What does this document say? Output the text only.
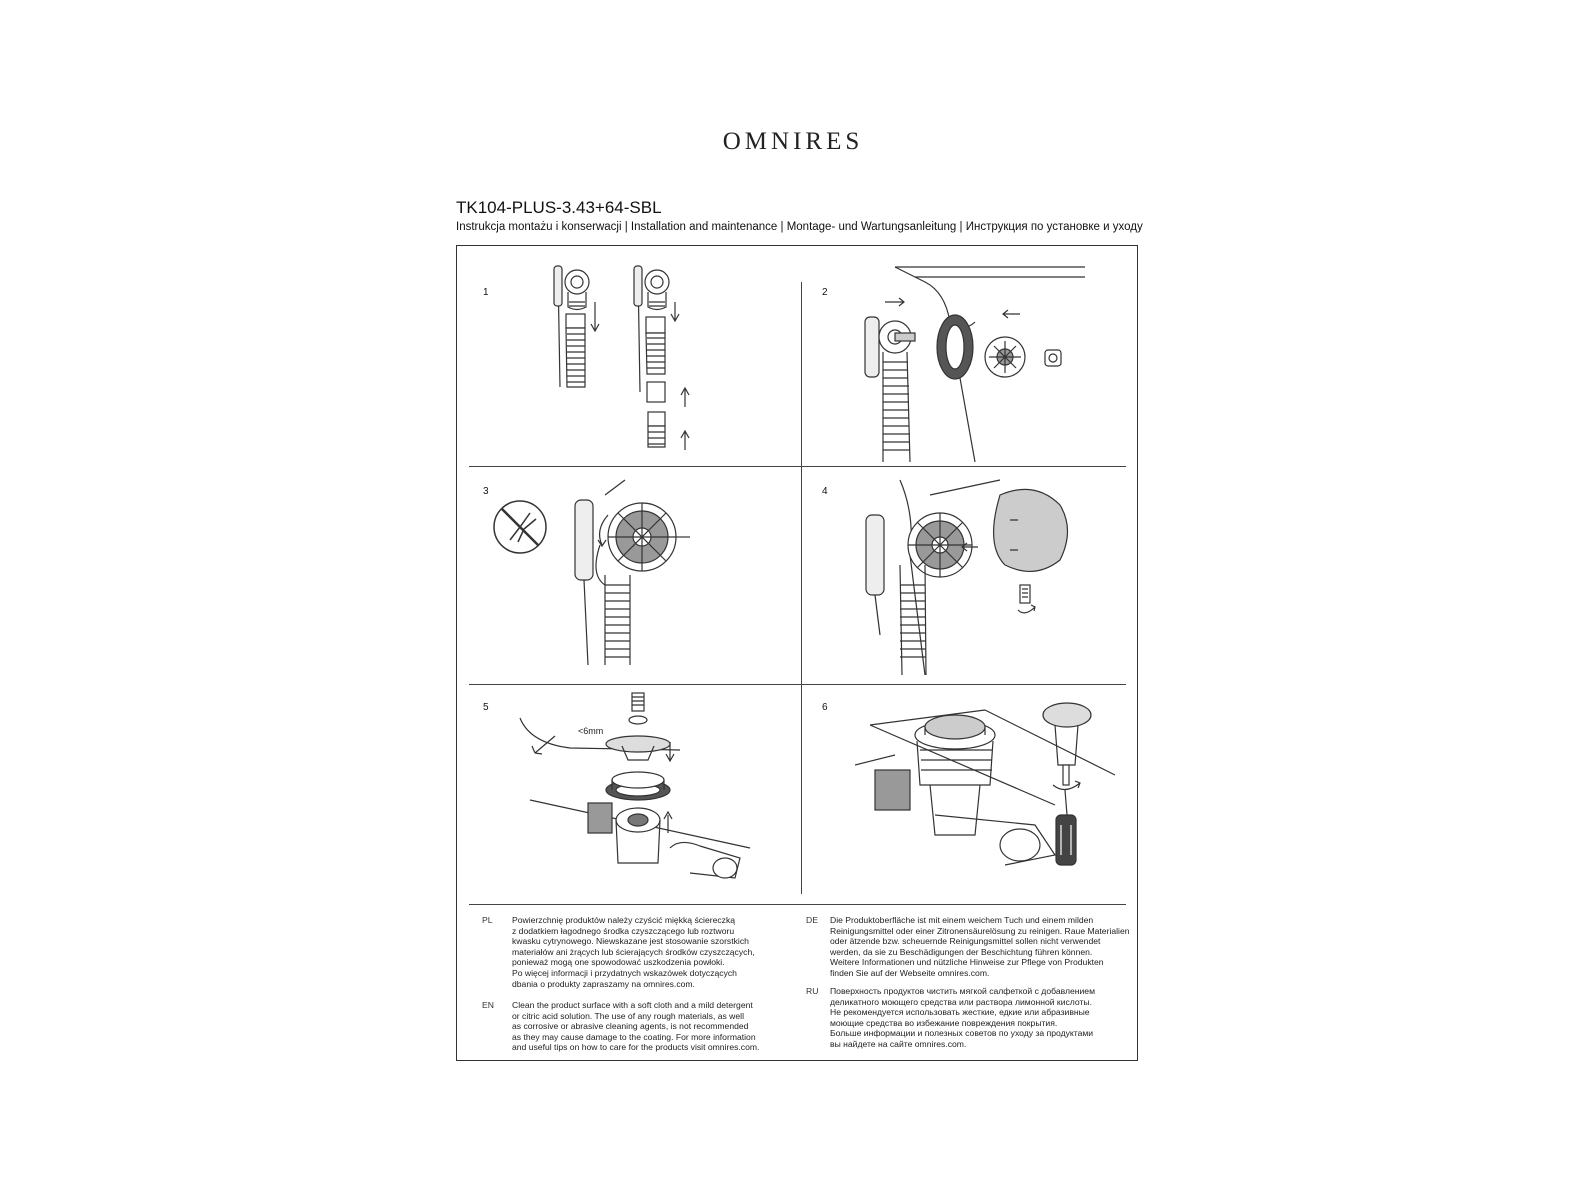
OMNIRES
TK104-PLUS-3.43+64-SBL
Instrukcja montażu i konserwacji | Installation and maintenance | Montage- und Wartungsanleitung | Инструкция по установке и уходу
1	2
3	4
5	6
<6mm
PL Powierzchnię produktów należy czyścić miękką ściereczką
z dodatkiem łagodnego środka czyszczącego lub roztworu
kwasku cytrynowego. Niewskazane jest stosowanie szorstkich
materiałów ani żrących lub ścierających środków czyszczących,
ponieważ mogą one spowodować uszkodzenia powłoki.
Po więcej informacji i przydatnych wskazówek dotyczących
dbania o produkty zapraszamy na omnires.com.

EN Clean the product surface with a soft cloth and a mild detergent
or citric acid solution. The use of any rough materials, as well
as corrosive or abrasive cleaning agents, is not recommended
as they may cause damage to the coating. For more information
and useful tips on how to care for the products visit omnires.com.

DE Die Produktoberfläche ist mit einem weichem Tuch und einem milden
Reinigungsmittel oder einer Zitronensäurelösung zu reinigen. Raue Materialien
oder ätzende bzw. scheuernde Reinigungsmittel sollen nicht verwendet
werden, da sie zu Beschädigungen der Beschichtung führen können.
Weitere Informationen und nützliche Hinweise zur Pflege von Produkten
finden Sie auf der Webseite omnires.com.

RU Поверхность продуктов чистить мягкой салфеткой с добавлением
деликатного моющего средства или раствора лимонной кислоты.
Не рекомендуется использовать жесткие, едкие или абразивные
моющие средства во избежание повреждения покрытия.
Больше информации и полезных советов по уходу за продуктами
вы найдете на сайте omnires.com.
